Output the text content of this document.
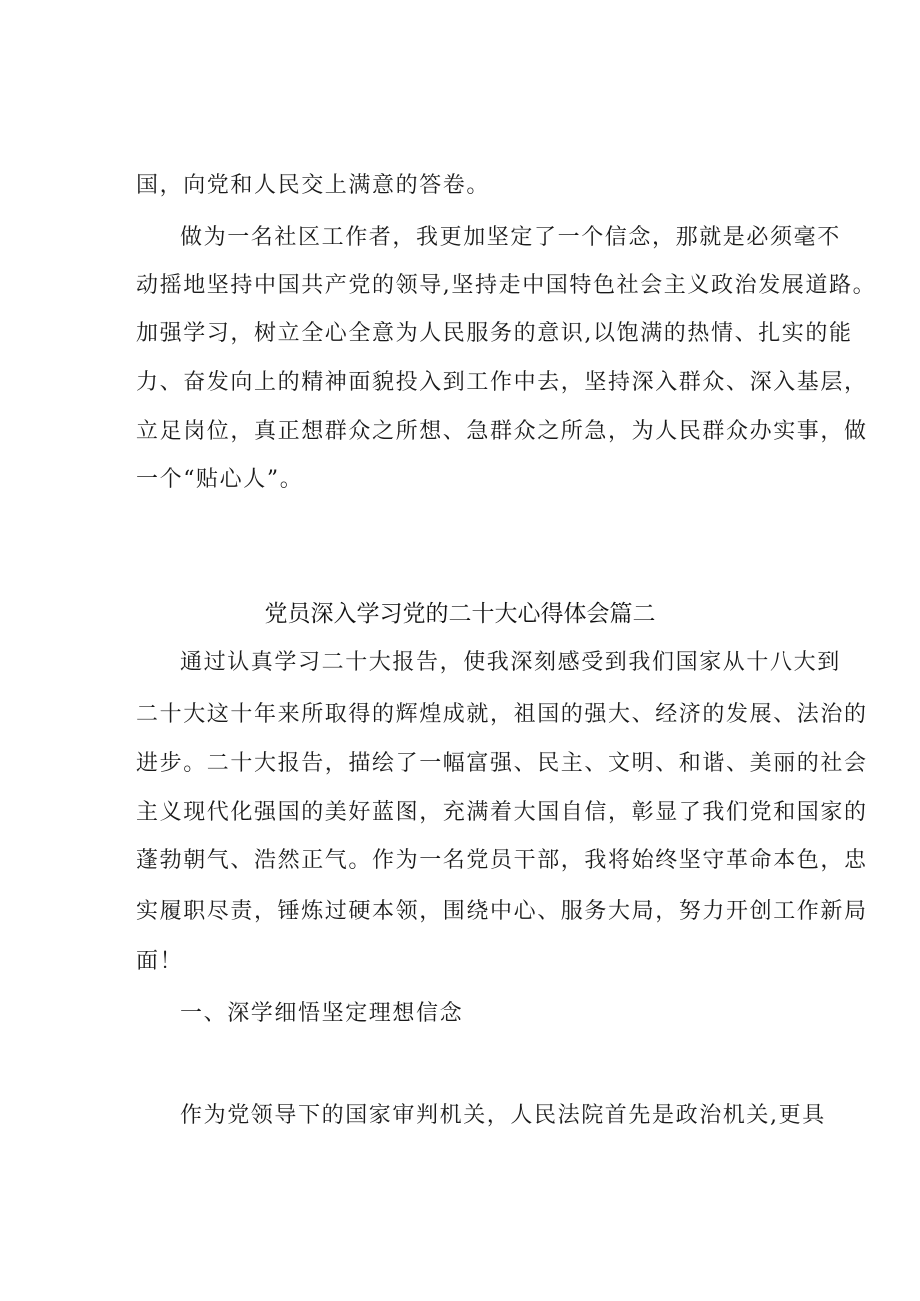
国，向党和人民交上满意的答卷。
做为一名社区工作者，我更加坚定了一个信念，那就是必须毫不
动摇地坚持中国共产党的领导,坚持走中国特色社会主义政治发展道路。
加强学习，树立全心全意为人民服务的意识,以饱满的热情、扎实的能
力、奋发向上的精神面貌投入到工作中去，坚持深入群众、深入基层，
立足岗位，真正想群众之所想、急群众之所急，为人民群众办实事，做
一个“贴心人”。
党员深入学习党的二十大心得体会篇二
通过认真学习二十大报告，使我深刻感受到我们国家从十八大到
二十大这十年来所取得的辉煌成就，祖国的强大、经济的发展、法治的
进步。二十大报告，描绘了一幅富强、民主、文明、和谐、美丽的社会
主义现代化强国的美好蓝图，充满着大国自信，彰显了我们党和国家的
蓬勃朝气、浩然正气。作为一名党员干部，我将始终坚守革命本色，忠
实履职尽责，锤炼过硬本领，围绕中心、服务大局，努力开创工作新局
面！
一、深学细悟坚定理想信念
作为党领导下的国家审判机关，人民法院首先是政治机关,更具
